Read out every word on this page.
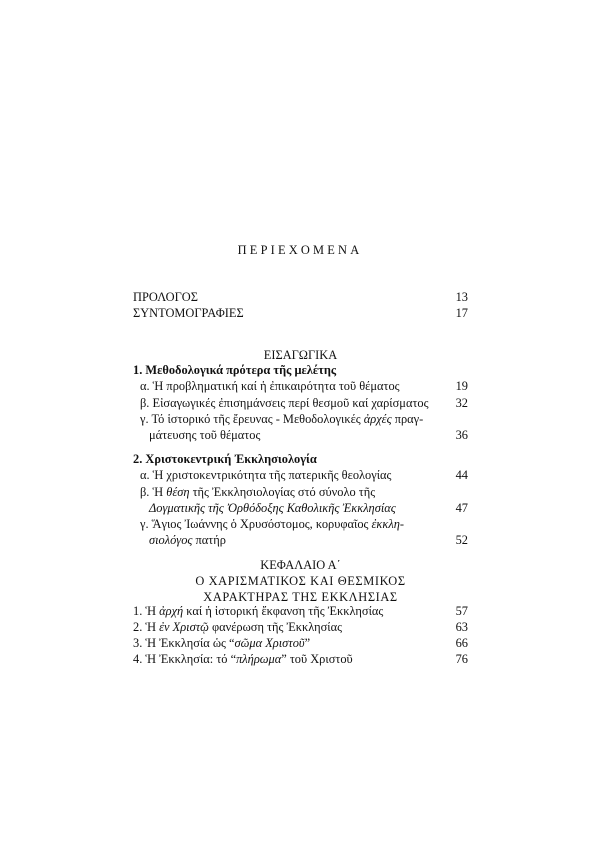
ΠΕΡΙΕΧΟΜΕΝΑ
ΠΡΟΛΟΓΟΣ	13
ΣΥΝΤΟΜΟΓΡΑΦΙΕΣ	17
ΕΙΣΑΓΩΓΙΚΑ
1. Μεθοδολογικά πρότερα τῆς μελέτης
α. Ἡ προβληματική καί ἡ ἐπικαιρότητα τοῦ θέματος	19
β. Εἰσαγωγικές ἐπισημάνσεις περί θεσμοῦ καί χαρίσματος 32
γ. Τό ἱστορικό τῆς ἔρευνας - Μεθοδολογικές ἀρχές πραγ-
μάτευσης τοῦ θέματος	36
2. Χριστοκεντρική Ἐκκλησιολογία
α. Ἡ χριστοκεντρικότητα τῆς πατερικῆς θεολογίας	44
β. Ἡ θέση τῆς Ἐκκλησιολογίας στό σύνολο τῆς
Δογματικῆς τῆς Ὀρθόδοξης Καθολικῆς Ἐκκλησίας	47
γ. Ἅγιος Ἰωάννης ὁ Χρυσόστομος, κορυφαῖος ἐκκλη-
σιολόγος πατήρ	52
ΚΕΦΑΛΑΙΟ Α΄
Ο ΧΑΡΙΣΜΑΤΙΚΟΣ ΚΑΙ ΘΕΣΜΙΚΟΣ
ΧΑΡΑΚΤΗΡΑΣ ΤΗΣ ΕΚΚΛΗΣΙΑΣ
1. Ἡ ἀρχή καί ἡ ἱστορική ἔκφανση τῆς Ἐκκλησίας	57
2. Ἡ ἐν Χριστῷ φανέρωση τῆς Ἐκκλησίας	63
3. Ἡ Ἐκκλησία ὡς “σῶμα Χριστοῦ”	66
4. Ἡ Ἐκκλησία: τό “πλήρωμα” τοῦ Χριστοῦ	76
